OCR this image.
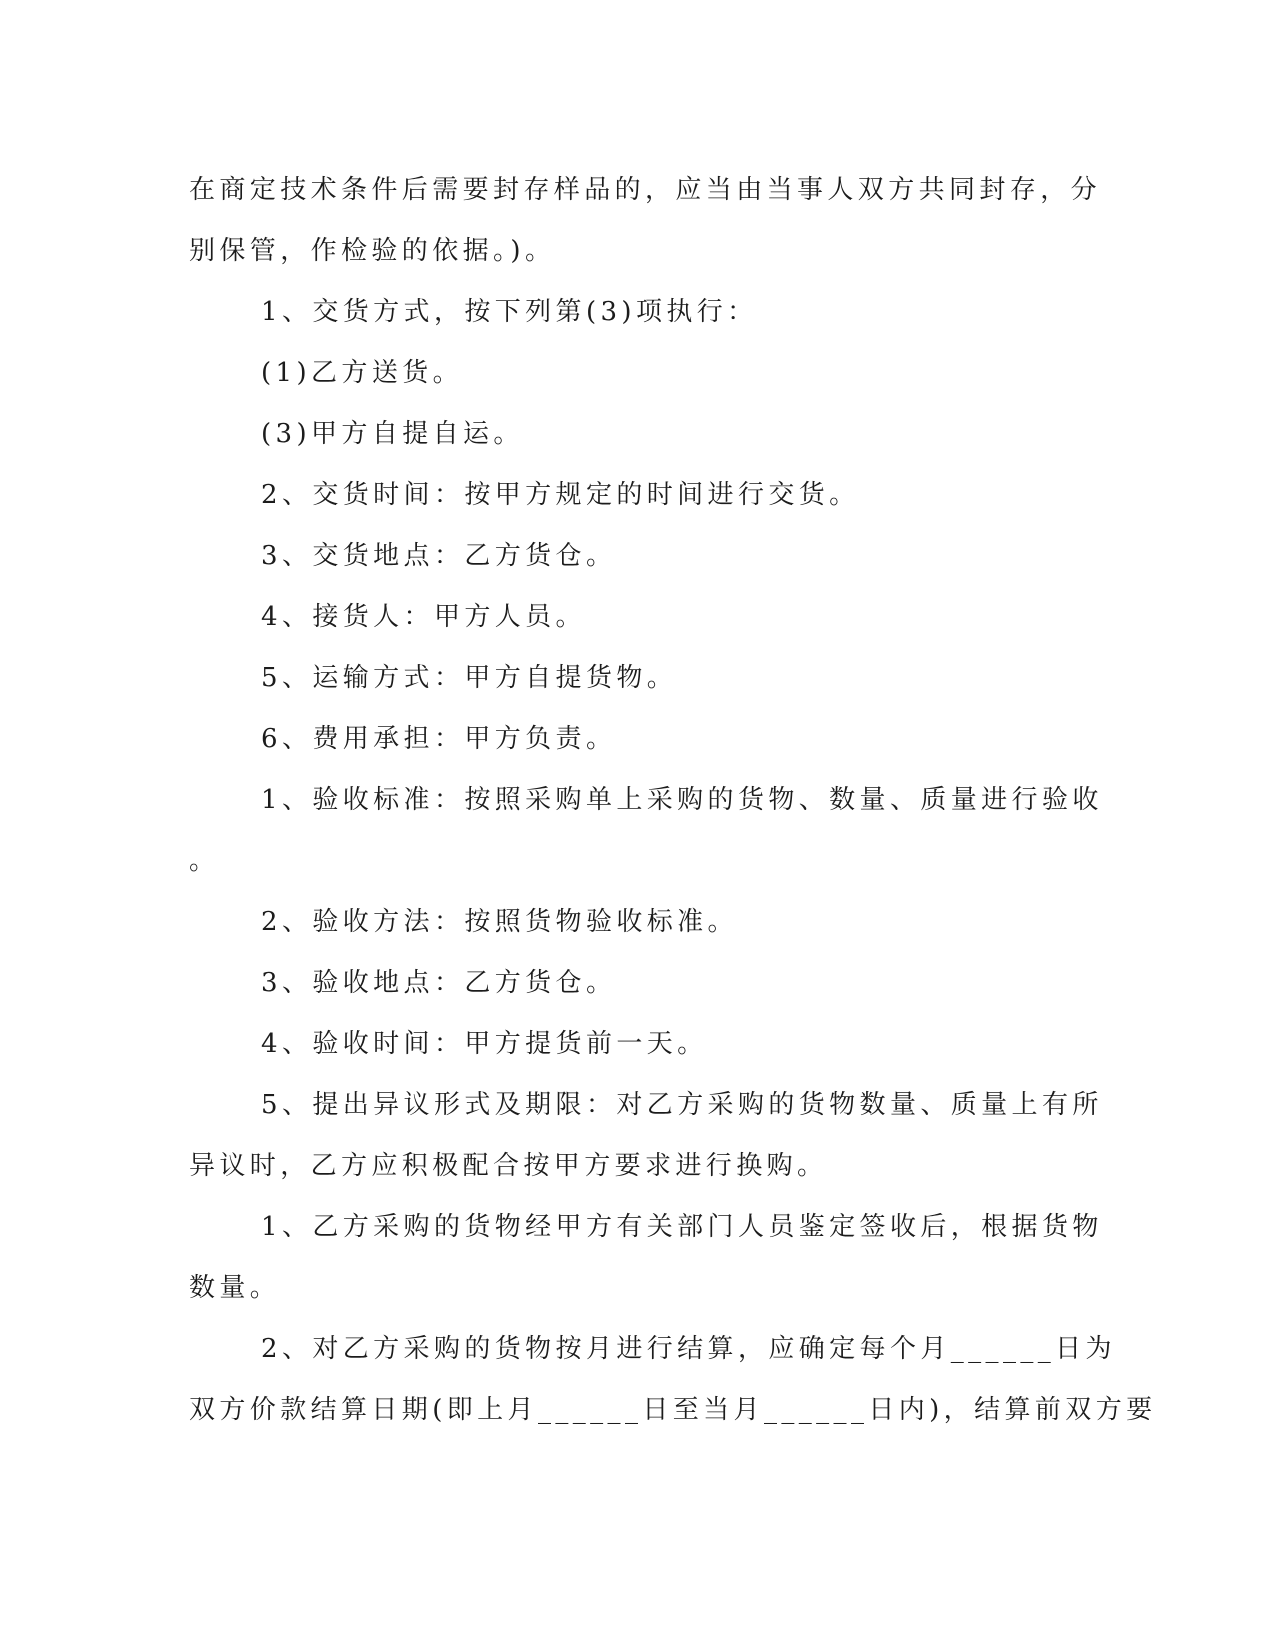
在商定技术条件后需要封存样品的，应当由当事人双方共同封存，分
别保管，作检验的依据。)。
1、交货方式，按下列第(3)项执行：
(1)乙方送货。
(3)甲方自提自运。
2、交货时间：按甲方规定的时间进行交货。
3、交货地点：乙方货仓。
4、接货人：甲方人员。
5、运输方式：甲方自提货物。
6、费用承担：甲方负责。
1、验收标准：按照采购单上采购的货物、数量、质量进行验收
。
2、验收方法：按照货物验收标准。
3、验收地点：乙方货仓。
4、验收时间：甲方提货前一天。
5、提出异议形式及期限：对乙方采购的货物数量、质量上有所
异议时，乙方应积极配合按甲方要求进行换购。
1、乙方采购的货物经甲方有关部门人员鉴定签收后，根据货物
数量。
2、对乙方采购的货物按月进行结算，应确定每个月______日为
双方价款结算日期(即上月______日至当月______日内)，结算前双方要
